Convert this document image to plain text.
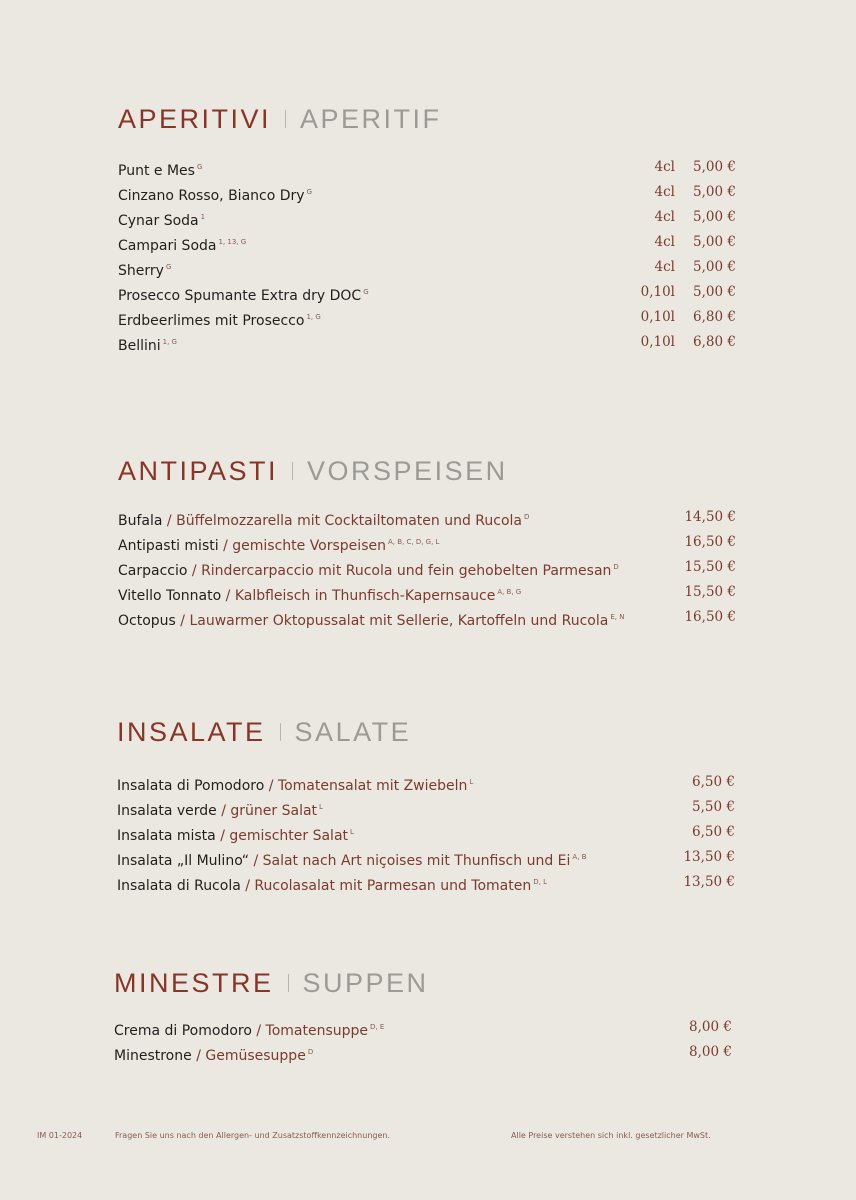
APERITIVI APERITIF
Punt e Mes $^G$	4cl 5,00 €
Cinzano Rosso, Bianco Dry $^G$	4cl 5,00 €
Cynar Soda $^1$	4cl 5,00 €
Campari Soda $^{1, 13, G}$	4cl 5,00 €
Sherry $^G$	4cl 5,00 €
Prosecco Spumante Extra dry DOC $^G$	0,10l 5,00 €
Erdbeerlimes mit Prosecco $^{1, G}$	0,10l 6,80 €
Bellini $^{1, G}$	0,10l 6,80 €
ANTIPASTI VORSPEISEN
Bufala / Büffelmozzarella mit Cocktailtomaten und Rucola $^D$	14,50 €
Antipasti misti / gemischte Vorspeisen $^{A, B, C, D, G, L}$	16,50 €
Carpaccio / Rindercarpaccio mit Rucola und fein gehobelten Parmesan $^D$	15,50 €
Vitello Tonnato / Kalbfleisch in Thunfisch-Kapernsauce $^{A, B, G}$	15,50 €
Octopus / Lauwarmer Oktopussalat mit Sellerie, Kartoffeln und Rucola $^{E, N}$	16,50 €
INSALATE SALATE
Insalata di Pomodoro / Tomatensalat mit Zwiebeln $^L$	6,50 €
Insalata verde / grüner Salat $^L$	5,50 €
Insalata mista / gemischter Salat $^L$	6,50 €
Insalata „Il Mulino“ / Salat nach Art niçoises mit Thunfisch und Ei $^{A, B}$	13,50 €
Insalata di Rucola / Rucolasalat mit Parmesan und Tomaten $^{D, L}$	13,50 €
MINESTRE SUPPEN
Crema di Pomodoro / Tomatensuppe $^{D, E}$	8,00 €
Minestrone / Gemüsesuppe $^D$	8,00 €
IM 01-2024	Fragen Sie uns nach den Allergen- und Zusatzstoffkennzeichnungen.	Alle Preise verstehen sich inkl. gesetzlicher MwSt.
